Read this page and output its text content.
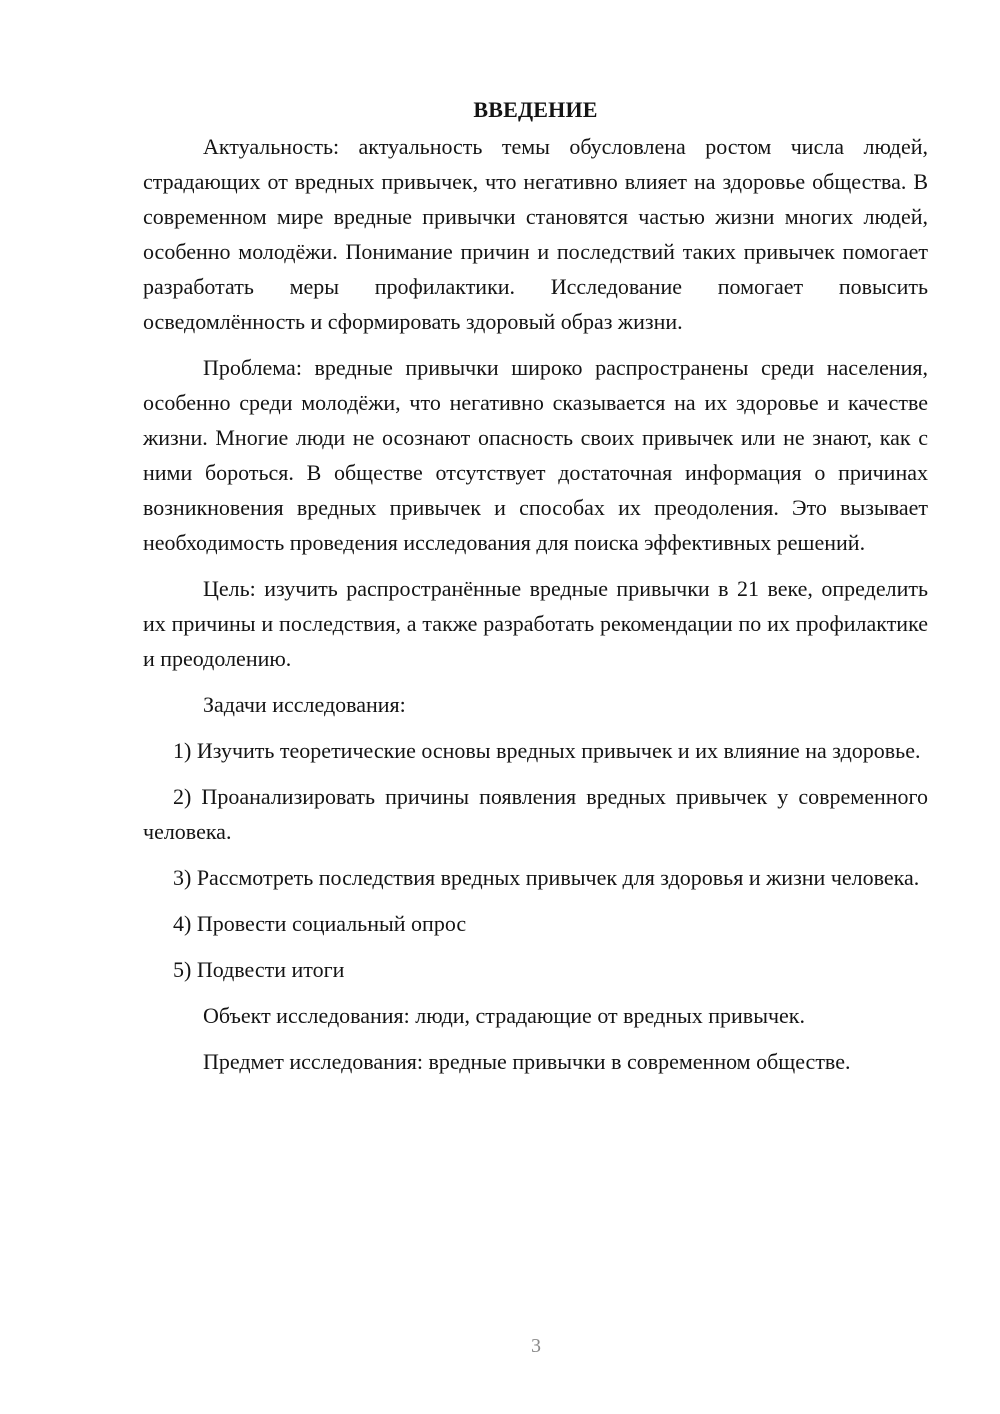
ВВЕДЕНИЕ

Актуальность: актуальность темы обусловлена ростом числа людей, страдающих от вредных привычек, что негативно влияет на здоровье общества. В современном мире вредные привычки становятся частью жизни многих людей, особенно молодёжи. Понимание причин и последствий таких привычек помогает разработать меры профилактики. Исследование помогает повысить осведомлённость и сформировать здоровый образ жизни.

Проблема: вредные привычки широко распространены среди населения, особенно среди молодёжи, что негативно сказывается на их здоровье и качестве жизни. Многие люди не осознают опасность своих привычек или не знают, как с ними бороться. В обществе отсутствует достаточная информация о причинах возникновения вредных привычек и способах их преодоления. Это вызывает необходимость проведения исследования для поиска эффективных решений.

Цель: изучить распространённые вредные привычки в 21 веке, определить их причины и последствия, а также разработать рекомендации по их профилактике и преодолению.

Задачи исследования:

1) Изучить теоретические основы вредных привычек и их влияние на здоровье.

2) Проанализировать причины появления вредных привычек у современного человека.

3) Рассмотреть последствия вредных привычек для здоровья и жизни человека.

4) Провести социальный опрос

5) Подвести итоги

Объект исследования: люди, страдающие от вредных привычек.

Предмет исследования: вредные привычки в современном обществе.

3
